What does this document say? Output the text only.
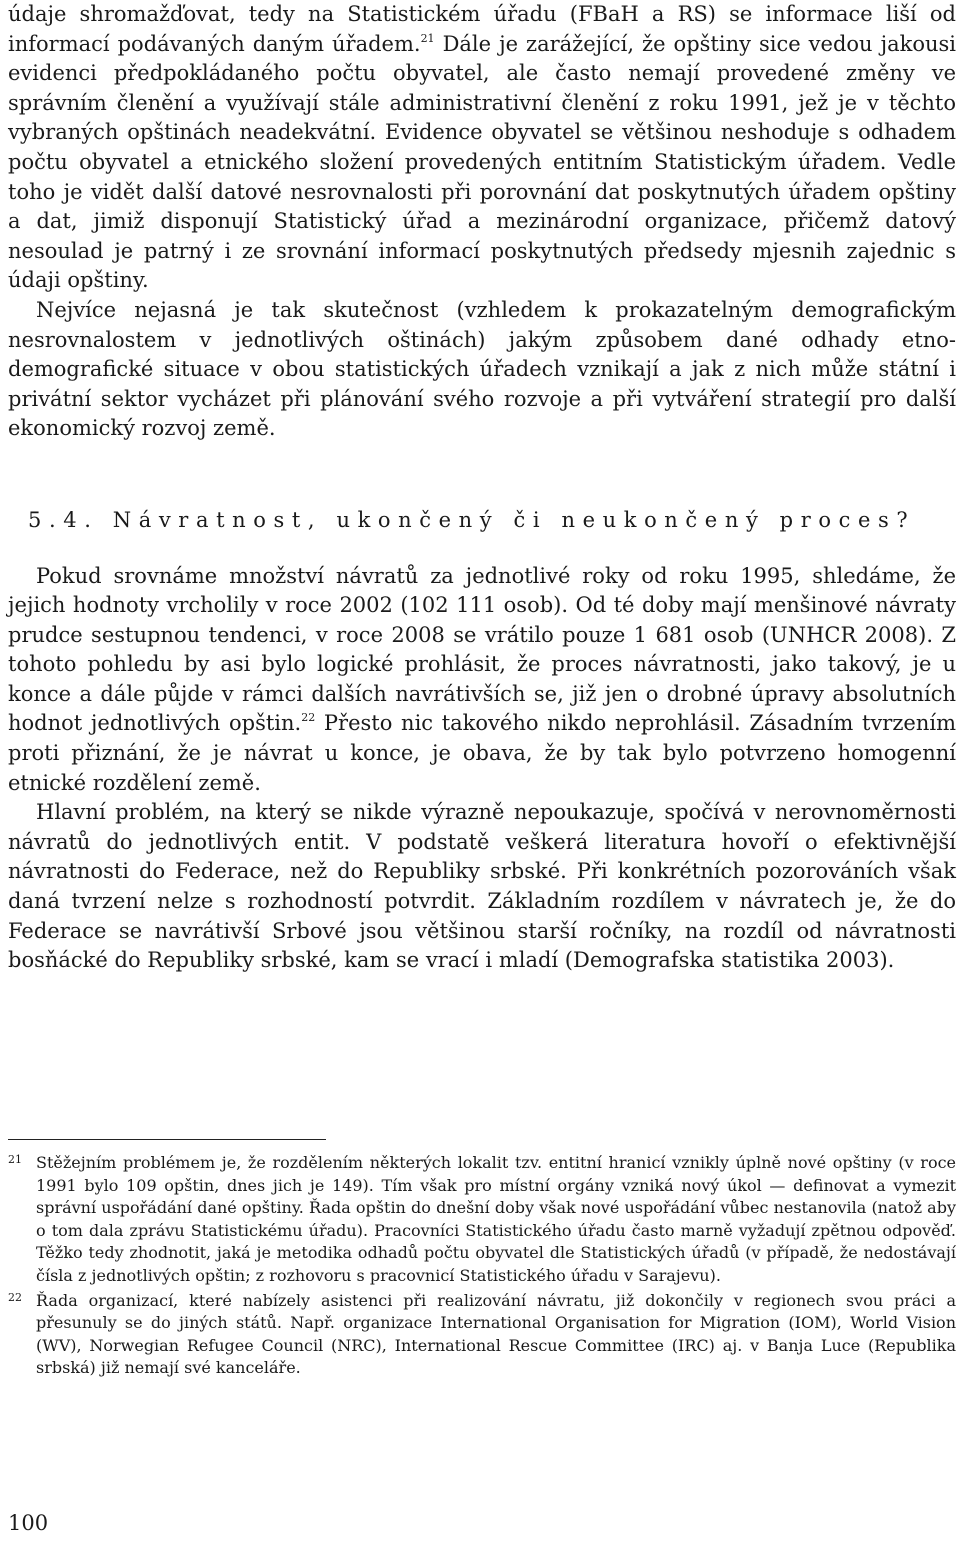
údaje shromažďovat, tedy na Statistickém úřadu (FBaH a RS) se informace liší od informací podávaných daným úřadem.$^{21}$ Dále je zarážející, že opštiny sice vedou jakousi evidenci předpokládaného počtu obyvatel, ale často nemají provedené změny ve správním členění a využívají stále administrativní členění z roku 1991, jež je v těchto vybraných opštinách neadekvátní. Evidence obyvatel se většinou neshoduje s odhadem počtu obyvatel a etnického složení provedených entitním Statistickým úřadem. Vedle toho je vidět další datové nesrovnalosti při porovnání dat poskytnutých úřadem opštiny a dat, jimiž disponují Statistický úřad a mezinárodní organizace, přičemž datový nesoulad je patrný i ze srovnání informací poskytnutých předsedy mjesnih zajednic s údaji opštiny.

Nejvíce nejasná je tak skutečnost (vzhledem k prokazatelným demografickým nesrovnalostem v jednotlivých oštinách) jakým způsobem dané odhady etno-demografické situace v obou statistických úřadech vznikají a jak z nich může státní i privátní sektor vycházet při plánování svého rozvoje a při vytváření strategií pro další ekonomický rozvoj země.

5.4. Návratnost, ukončený či neukončený proces?

Pokud srovnáme množství návratů za jednotlivé roky od roku 1995, shledáme, že jejich hodnoty vrcholily v roce 2002 (102 111 osob). Od té doby mají menšinové návraty prudce sestupnou tendenci, v roce 2008 se vrátilo pouze 1 681 osob (UNHCR 2008). Z tohoto pohledu by asi bylo logické prohlásit, že proces návratnosti, jako takový, je u konce a dále půjde v rámci dalších navrátivších se, již jen o drobné úpravy absolutních hodnot jednotlivých opštin.$^{22}$ Přesto nic takového nikdo neprohlásil. Zásadním tvrzením proti přiznání, že je návrat u konce, je obava, že by tak bylo potvrzeno homogenní etnické rozdělení země.

Hlavní problém, na který se nikde výrazně nepoukazuje, spočívá v nerovnoměrnosti návratů do jednotlivých entit. V podstatě veškerá literatura hovoří o efektivnější návratnosti do Federace, než do Republiky srbské. Při konkrétních pozorováních však daná tvrzení nelze s rozhodností potvrdit. Základním rozdílem v návratech je, že do Federace se navrátivší Srbové jsou většinou starší ročníky, na rozdíl od návratnosti bosňácké do Republiky srbské, kam se vrací i mladí (Demografska statistika 2003).

21 Stěžejním problémem je, že rozdělením některých lokalit tzv. entitní hranicí vznikly úplně nové opštiny (v roce 1991 bylo 109 opštin, dnes jich je 149). Tím však pro místní orgány vzniká nový úkol — definovat a vymezit správní uspořádání dané opštiny. Řada opštin do dnešní doby však nové uspořádání vůbec nestanovila (natož aby o tom dala zprávu Statistickému úřadu). Pracovníci Statistického úřadu často marně vyžadují zpětnou odpověď. Těžko tedy zhodnotit, jaká je metodika odhadů počtu obyvatel dle Statistických úřadů (v případě, že nedostávají čísla z jednotlivých opštin; z rozhovoru s pracovnicí Statistického úřadu v Sarajevu).
22 Řada organizací, které nabízely asistenci při realizování návratu, již dokončily v regionech svou práci a přesunuly se do jiných států. Např. organizace International Organisation for Migration (IOM), World Vision (WV), Norwegian Refugee Council (NRC), International Rescue Committee (IRC) aj. v Banja Luce (Republika srbská) již nemají své kanceláře.
100
